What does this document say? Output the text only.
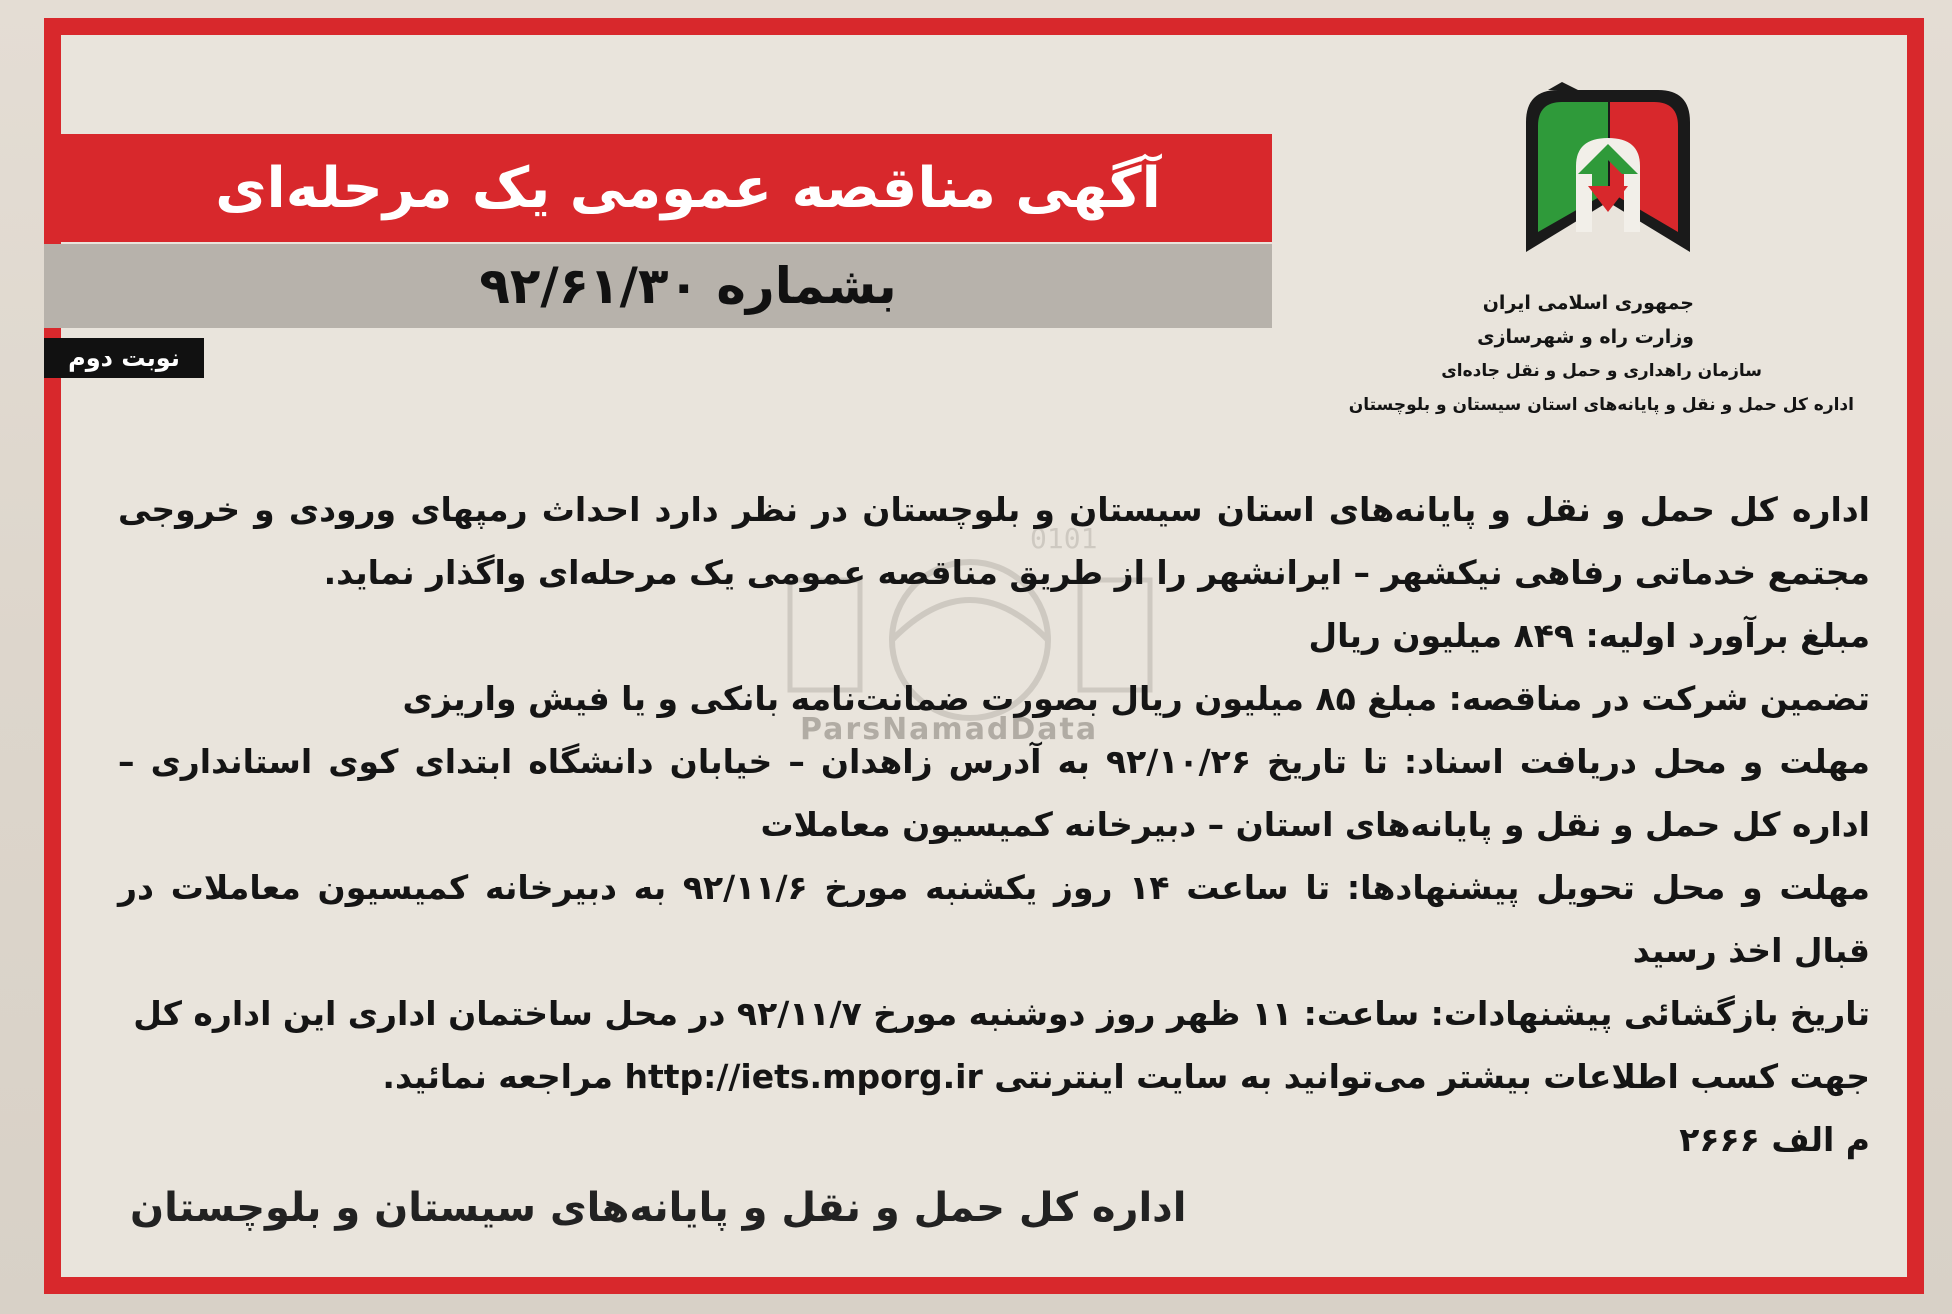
آگهی مناقصه عمومی یک مرحله‌ای
بشماره ۹۲/۶۱/۳۰
نوبت دوم
جمهوری اسلامی ایران
وزارت راه و شهرسازی
سازمان راهداری و حمل و نقل جاده‌ای
اداره کل حمل و نقل و پایانه‌های استان سیستان و بلوچستان
0101
ParsNamadData

اداره کل حمل و نقل و پایانه‌های استان سیستان و بلوچستان در نظر دارد احداث رمپهای ورودی و خروجی مجتمع خدماتی رفاهی نیکشهر – ایرانشهر را از طریق مناقصه عمومی یک مرحله‌ای واگذار نماید.

مبلغ برآورد اولیه: ۸۴۹ میلیون ریال

تضمین شرکت در مناقصه: مبلغ ۸۵ میلیون ریال بصورت ضمانت‌نامه بانکی و یا فیش واریزی

مهلت و محل دریافت اسناد: تا تاریخ ۹۲/۱۰/۲۶ به آدرس زاهدان – خیابان دانشگاه ابتدای کوی استانداری – اداره کل حمل و نقل و پایانه‌های استان – دبیرخانه کمیسیون معاملات

مهلت و محل تحویل پیشنهادها: تا ساعت ۱۴ روز یکشنبه مورخ ۹۲/۱۱/۶ به دبیرخانه کمیسیون معاملات در قبال اخذ رسید

تاریخ بازگشائی پیشنهادات: ساعت: ۱۱ ظهر روز دوشنبه مورخ ۹۲/۱۱/۷ در محل ساختمان اداری این اداره کل

جهت کسب اطلاعات بیشتر می‌توانید به سایت اینترنتی http://iets.mporg.ir مراجعه نمائید.

م الف ۲۶۶۶

اداره کل حمل و نقل و پایانه‌های سیستان و بلوچستان
